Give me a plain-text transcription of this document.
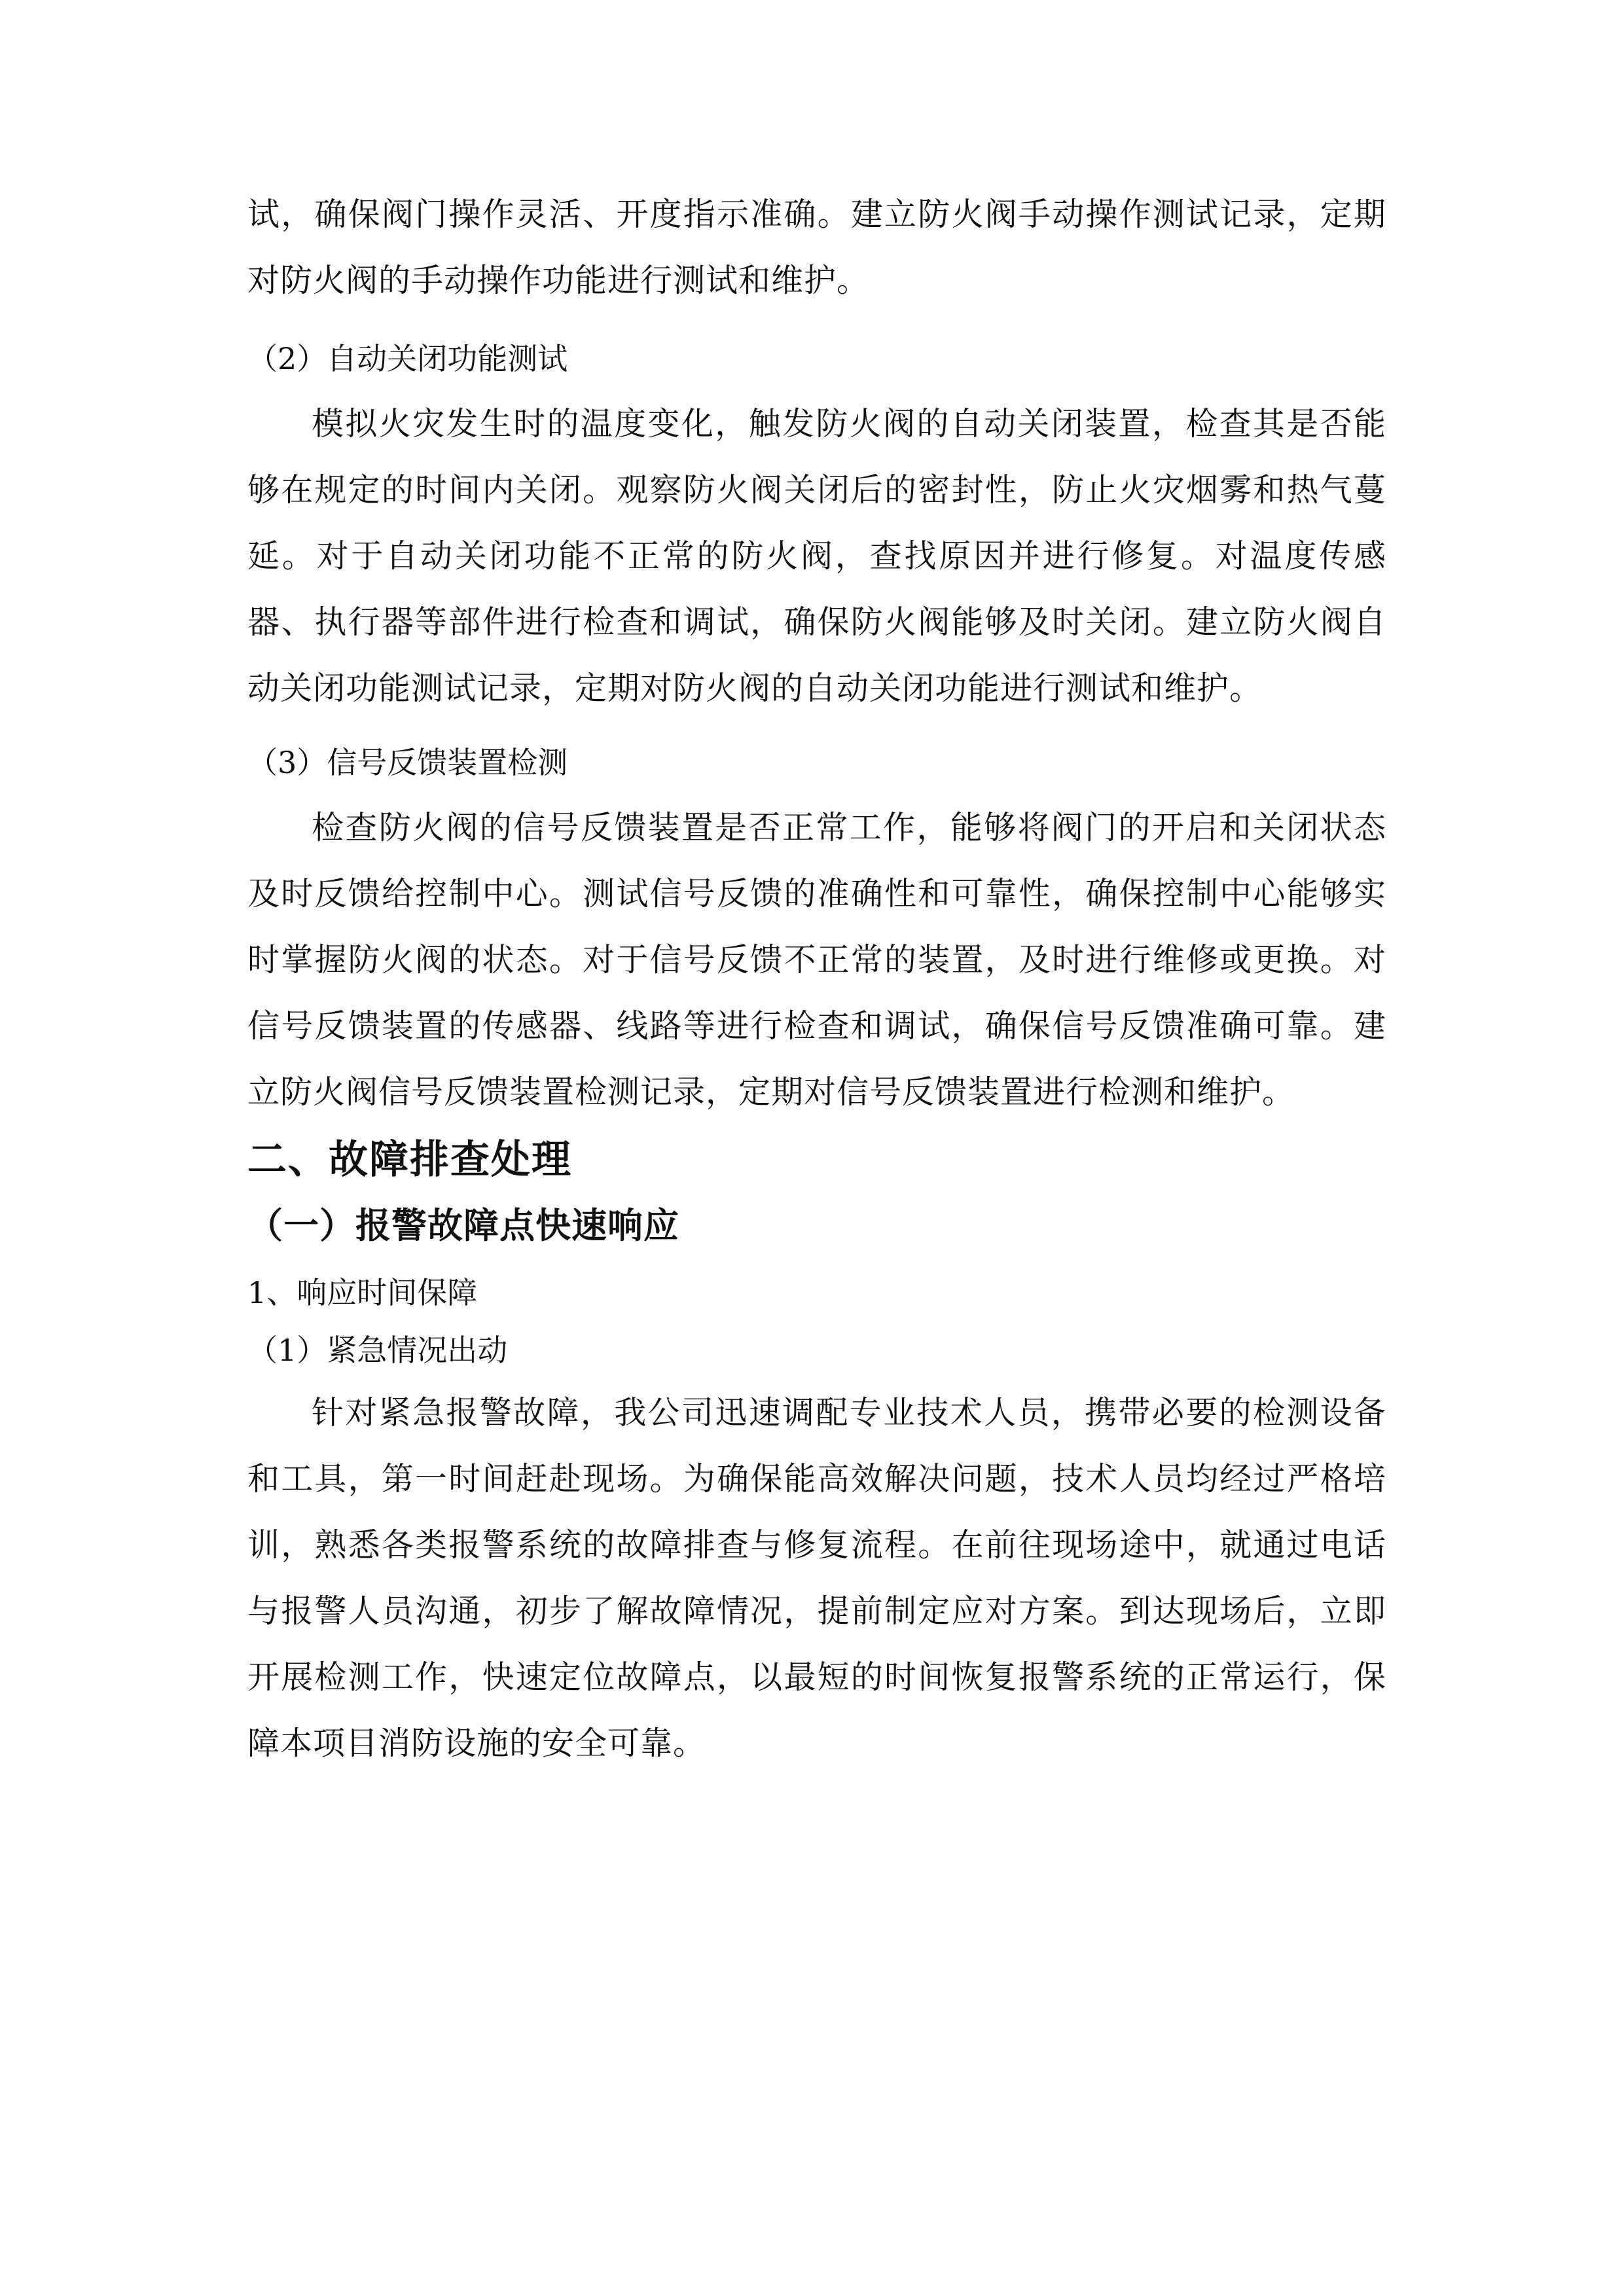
试，确保阀门操作灵活、开度指示准确。建立防火阀手动操作测试记录，定期对防火阀的手动操作功能进行测试和维护。

（2）自动关闭功能测试

模拟火灾发生时的温度变化，触发防火阀的自动关闭装置，检查其是否能够在规定的时间内关闭。观察防火阀关闭后的密封性，防止火灾烟雾和热气蔓延。对于自动关闭功能不正常的防火阀，查找原因并进行修复。对温度传感器、执行器等部件进行检查和调试，确保防火阀能够及时关闭。建立防火阀自动关闭功能测试记录，定期对防火阀的自动关闭功能进行测试和维护。

（3）信号反馈装置检测

检查防火阀的信号反馈装置是否正常工作，能够将阀门的开启和关闭状态及时反馈给控制中心。测试信号反馈的准确性和可靠性，确保控制中心能够实时掌握防火阀的状态。对于信号反馈不正常的装置，及时进行维修或更换。对信号反馈装置的传感器、线路等进行检查和调试，确保信号反馈准确可靠。建立防火阀信号反馈装置检测记录，定期对信号反馈装置进行检测和维护。

二、故障排查处理
（一）报警故障点快速响应

1、响应时间保障

（1）紧急情况出动

针对紧急报警故障，我公司迅速调配专业技术人员，携带必要的检测设备和工具，第一时间赶赴现场。为确保能高效解决问题，技术人员均经过严格培训，熟悉各类报警系统的故障排查与修复流程。在前往现场途中，就通过电话与报警人员沟通，初步了解故障情况，提前制定应对方案。到达现场后，立即开展检测工作，快速定位故障点，以最短的时间恢复报警系统的正常运行，保障本项目消防设施的安全可靠。
